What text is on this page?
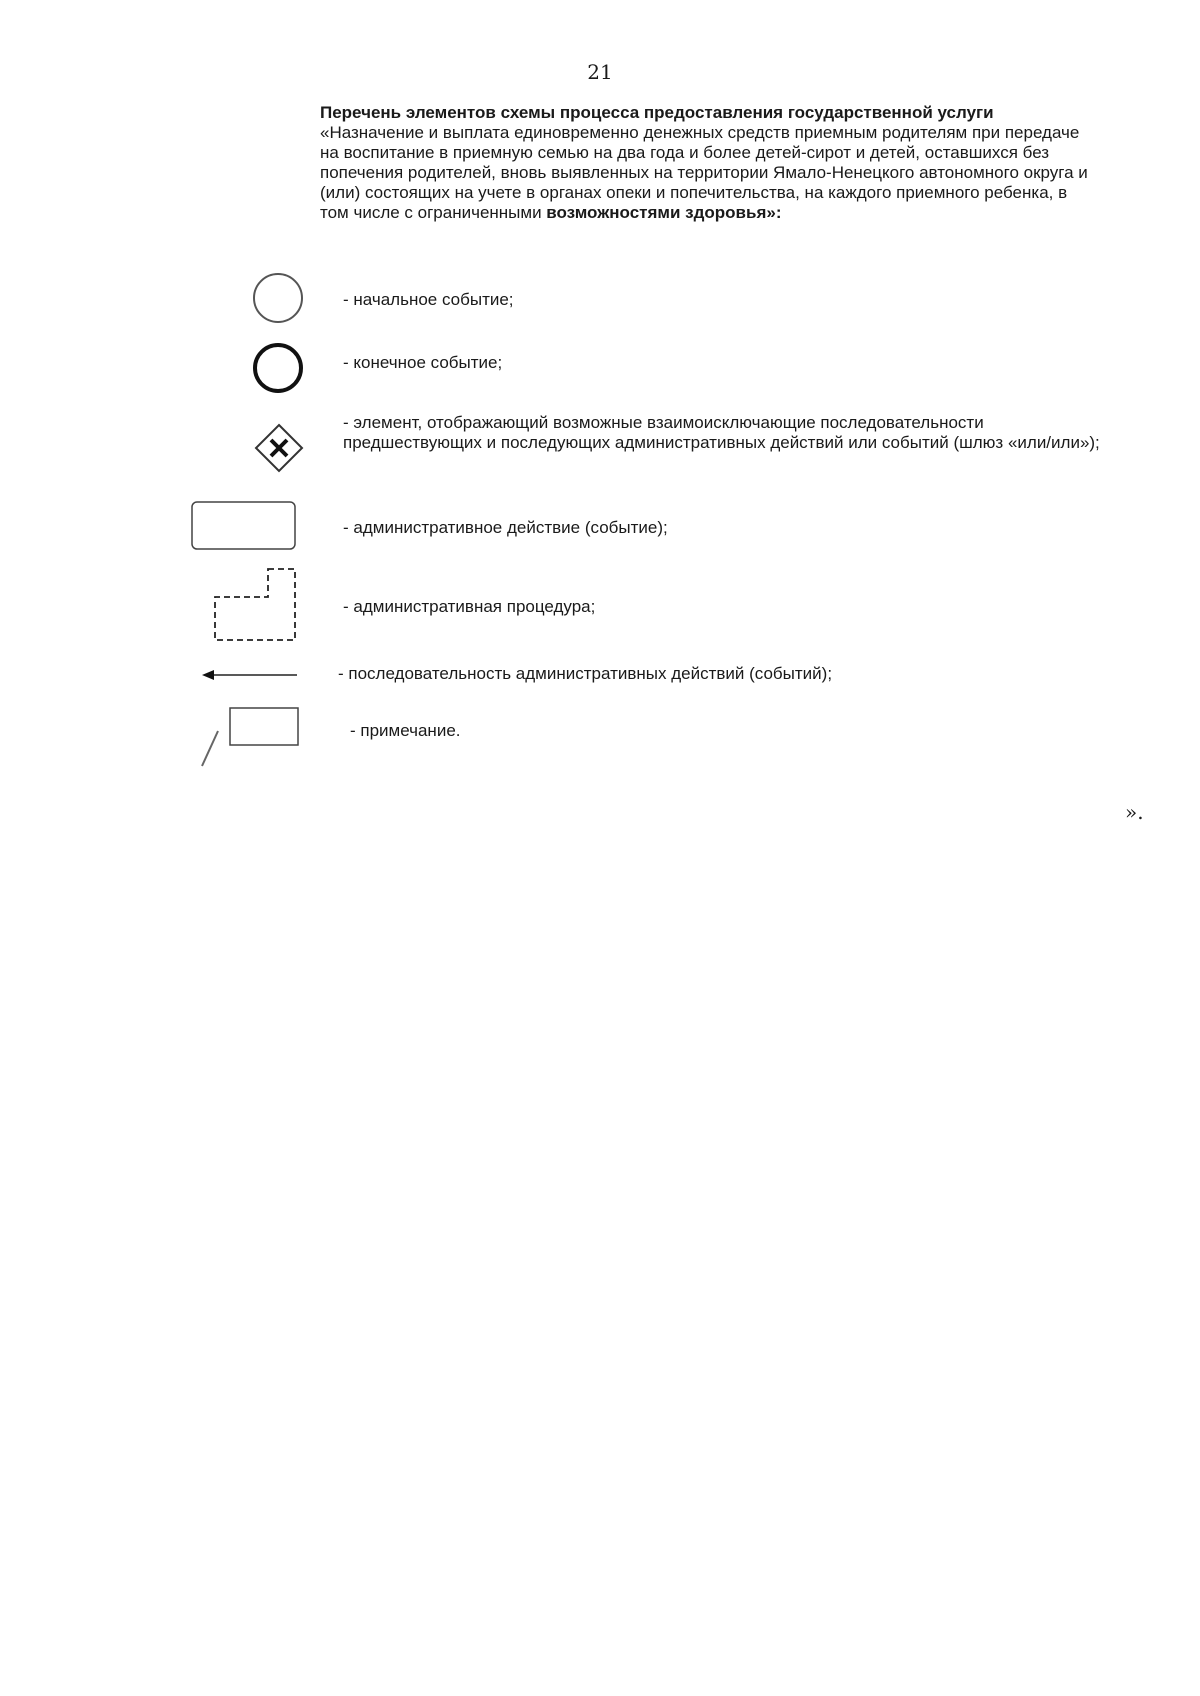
21

Перечень элементов схемы процесса предоставления государственной услуги
«Назначение и выплата единовременно денежных средств приемным родителям при передаче на воспитание в приемную семью на два года и более детей-сирот и детей, оставшихся без попечения родителей, вновь выявленных на территории Ямало-Ненецкого автономного округа и (или) состоящих на учете в органах опеки и попечительства, на каждого приемного ребенка, в том числе с ограниченными возможностями здоровья»:

- начальное событие;
- конечное событие;
- элемент, отображающий возможные взаимоисключающие последовательности предшествующих и последующих административных действий или событий (шлюз «или/или»);
- административное действие (событие);
- административная процедура;
- последовательность административных действий (событий);
- примечание.
».
